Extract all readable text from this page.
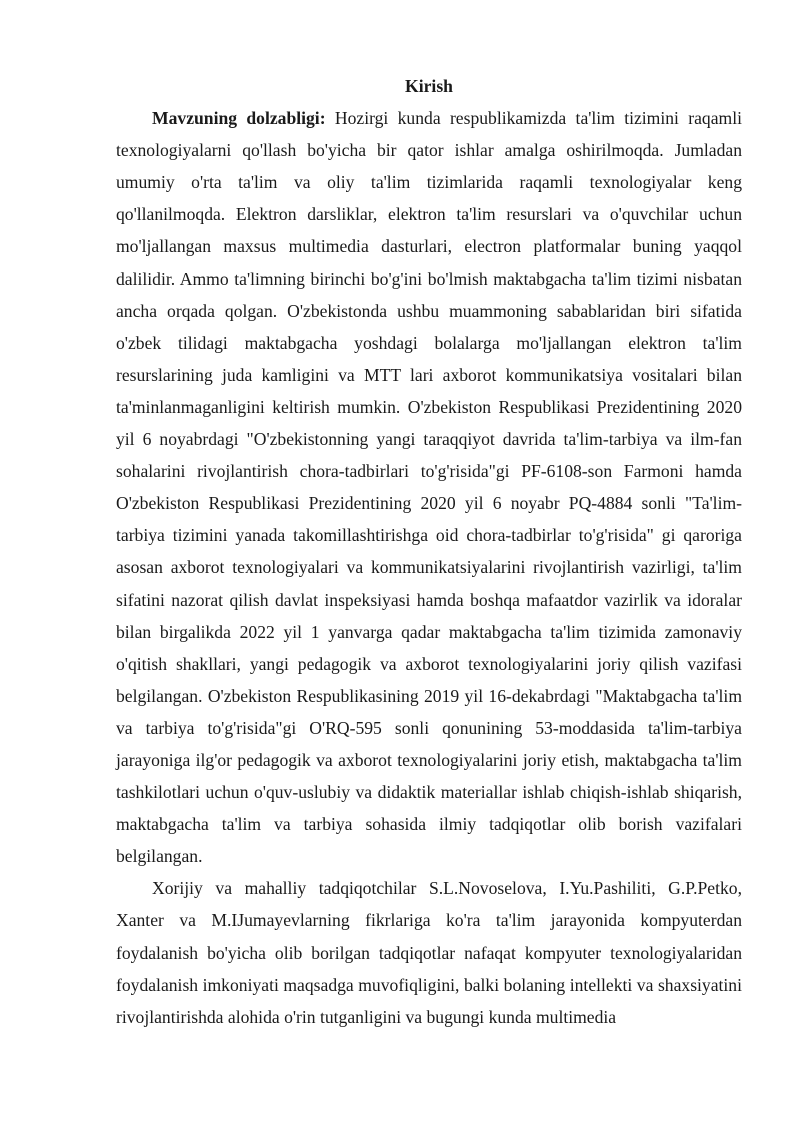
Kirish

Mavzuning dolzabligi: Hozirgi kunda respublikamizda ta'lim tizimini raqamli texnologiyalarni qo'llash bo'yicha bir qator ishlar amalga oshirilmoqda. Jumladan umumiy o'rta ta'lim va oliy ta'lim tizimlarida raqamli texnologiyalar keng qo'llanilmoqda. Elektron darsliklar, elektron ta'lim resurslari va o'quvchilar uchun mo'ljallangan maxsus multimedia dasturlari, electron platformalar buning yaqqol dalilidir. Ammo ta'limning birinchi bo'g'ini bo'lmish maktabgacha ta'lim tizimi nisbatan ancha orqada qolgan. O'zbekistonda ushbu muammoning sabablaridan biri sifatida o'zbek tilidagi maktabgacha yoshdagi bolalarga mo'ljallangan elektron ta'lim resurslarining juda kamligini va MTT lari axborot kommunikatsiya vositalari bilan ta'minlanmaganligini keltirish mumkin. O'zbekiston Respublikasi Prezidentining 2020 yil 6 noyabrdagi "O'zbekistonning yangi taraqqiyot davrida ta'lim-tarbiya va ilm-fan sohalarini rivojlantirish chora-tadbirlari to'g'risida"gi PF-6108-son Farmoni hamda O'zbekiston Respublikasi Prezidentining 2020 yil 6 noyabr PQ-4884 sonli "Ta'lim-tarbiya tizimini yanada takomillashtirishga oid chora-tadbirlar to'g'risida" gi qaroriga asosan axborot texnologiyalari va kommunikatsiyalarini rivojlantirish vazirligi, ta'lim sifatini nazorat qilish davlat inspeksiyasi hamda boshqa mafaatdor vazirlik va idoralar bilan birgalikda 2022 yil 1 yanvarga qadar maktabgacha ta'lim tizimida zamonaviy o'qitish shakllari, yangi pedagogik va axborot texnologiyalarini joriy qilish vazifasi belgilangan. O'zbekiston Respublikasining 2019 yil 16-dekabrdagi "Maktabgacha ta'lim va tarbiya to'g'risida"gi O'RQ-595 sonli qonunining 53-moddasida ta'lim-tarbiya jarayoniga ilg'or pedagogik va axborot texnologiyalarini joriy etish, maktabgacha ta'lim tashkilotlari uchun o'quv-uslubiy va didaktik materiallar ishlab chiqish-ishlab shiqarish, maktabgacha ta'lim va tarbiya sohasida ilmiy tadqiqotlar olib borish vazifalari belgilangan.

Xorijiy va mahalliy tadqiqotchilar S.L.Novoselova, I.Yu.Pashiliti, G.P.Petko, Xanter va M.IJumayevlarning fikrlariga ko'ra ta'lim jarayonida kompyuterdan foydalanish bo'yicha olib borilgan tadqiqotlar nafaqat kompyuter texnologiyalaridan foydalanish imkoniyati maqsadga muvofiqligini, balki bolaning intellekti va shaxsiyatini rivojlantirishda alohida o'rin tutganligini va bugungi kunda multimedia
